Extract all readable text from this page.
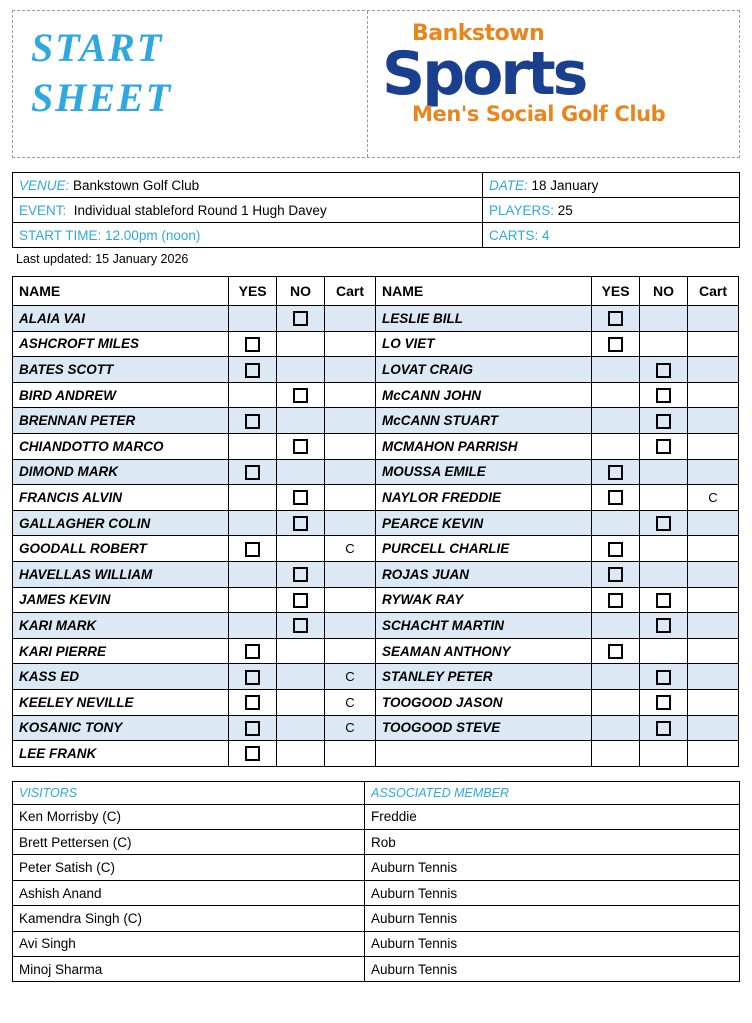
START
SHEET
Bankstown
Sports
Men's Social Golf Club
VENUE: Bankstown Golf Club	DATE: 18 January
EVENT: Individual stableford Round 1 Hugh Davey	PLAYERS: 25
START TIME: 12.00pm (noon)	CARTS: 4
Last updated: 15 January 2026
NAME	YES	NO	Cart	NAME	YES	NO	Cart
ALAIA VAI				LESLIE BILL			
ASHCROFT MILES				LO VIET			
BATES SCOTT				LOVAT CRAIG			
BIRD ANDREW				McCANN JOHN			
BRENNAN PETER				McCANN STUART			
CHIANDOTTO MARCO				MCMAHON PARRISH			
DIMOND MARK				MOUSSA EMILE			
FRANCIS ALVIN				NAYLOR FREDDIE			C
GALLAGHER COLIN				PEARCE KEVIN			
GOODALL ROBERT			C	PURCELL CHARLIE			
HAVELLAS WILLIAM				ROJAS JUAN			
JAMES KEVIN				RYWAK RAY			
KARI MARK				SCHACHT MARTIN			
KARI PIERRE				SEAMAN ANTHONY			
KASS ED			C	STANLEY PETER			
KEELEY NEVILLE			C	TOOGOOD JASON			
KOSANIC TONY			C	TOOGOOD STEVE			
LEE FRANK							
VISITORS	ASSOCIATED MEMBER
Ken Morrisby (C)	Freddie
Brett Pettersen (C)	Rob
Peter Satish (C)	Auburn Tennis
Ashish Anand	Auburn Tennis
Kamendra Singh (C)	Auburn Tennis
Avi Singh	Auburn Tennis
Minoj Sharma	Auburn Tennis
